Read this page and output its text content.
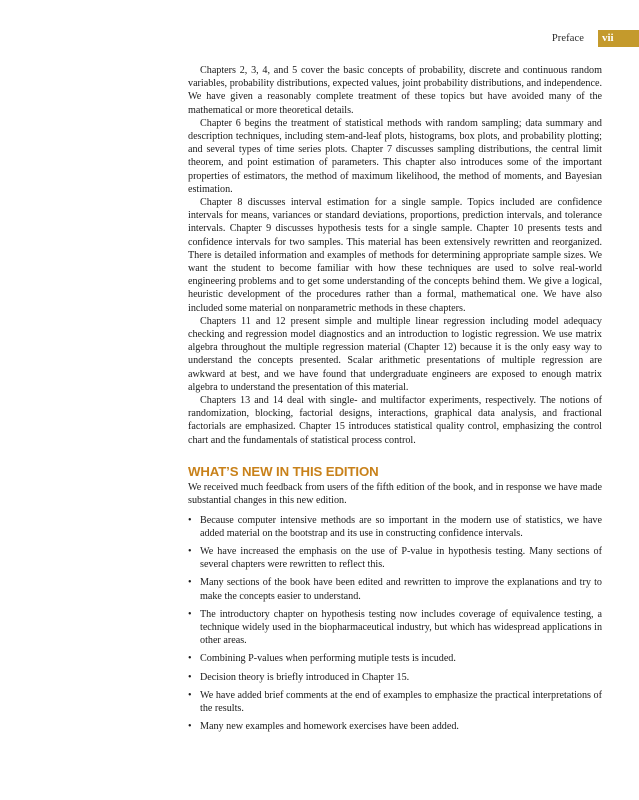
Preface	vii

Chapters 2, 3, 4, and 5 cover the basic concepts of probability, discrete and continuous random variables, probability distributions, expected values, joint probability distributions, and independence. We have given a reasonably complete treatment of these topics but have avoided many of the mathematical or more theoretical details.

Chapter 6 begins the treatment of statistical methods with random sampling; data summary and description techniques, including stem-and-leaf plots, histograms, box plots, and probability plotting; and several types of time series plots. Chapter 7 discusses sampling distributions, the central limit theorem, and point estimation of parameters. This chapter also introduces some of the important properties of estimators, the method of maximum likelihood, the method of moments, and Bayesian estimation.

Chapter 8 discusses interval estimation for a single sample. Topics included are confidence intervals for means, variances or standard deviations, proportions, prediction intervals, and tolerance intervals. Chapter 9 discusses hypothesis tests for a single sample. Chapter 10 presents tests and confidence intervals for two samples. This material has been extensively rewritten and reorganized. There is detailed information and examples of methods for determining appropriate sample sizes. We want the student to become familiar with how these techniques are used to solve real-world engineering problems and to get some understanding of the concepts behind them. We give a logical, heuristic development of the procedures rather than a formal, mathematical one. We have also included some material on nonparametric methods in these chapters.

Chapters 11 and 12 present simple and multiple linear regression including model adequacy checking and regression model diagnostics and an introduction to logistic regression. We use matrix algebra throughout the multiple regression material (Chapter 12) because it is the only easy way to understand the concepts presented. Scalar arithmetic presentations of multiple regression are awkward at best, and we have found that undergraduate engineers are exposed to enough matrix algebra to understand the presentation of this material.

Chapters 13 and 14 deal with single- and multifactor experiments, respectively. The notions of randomization, blocking, factorial designs, interactions, graphical data analysis, and fractional factorials are emphasized. Chapter 15 introduces statistical quality control, emphasizing the control chart and the fundamentals of statistical process control.

WHAT’S NEW IN THIS EDITION

We received much feedback from users of the fifth edition of the book, and in response we have made substantial changes in this new edition.

• Because computer intensive methods are so important in the modern use of statistics, we have added material on the bootstrap and its use in constructing confidence intervals.
• We have increased the emphasis on the use of P-value in hypothesis testing. Many sections of several chapters were rewritten to reflect this.
• Many sections of the book have been edited and rewritten to improve the explanations and try to make the concepts easier to understand.
• The introductory chapter on hypothesis testing now includes coverage of equivalence testing, a technique widely used in the biopharmaceutical industry, but which has widespread applications in other areas.
• Combining P-values when performing mutiple tests is incuded.
• Decision theory is briefly introduced in Chapter 15.
• We have added brief comments at the end of examples to emphasize the practical interpretations of the results.
• Many new examples and homework exercises have been added.
